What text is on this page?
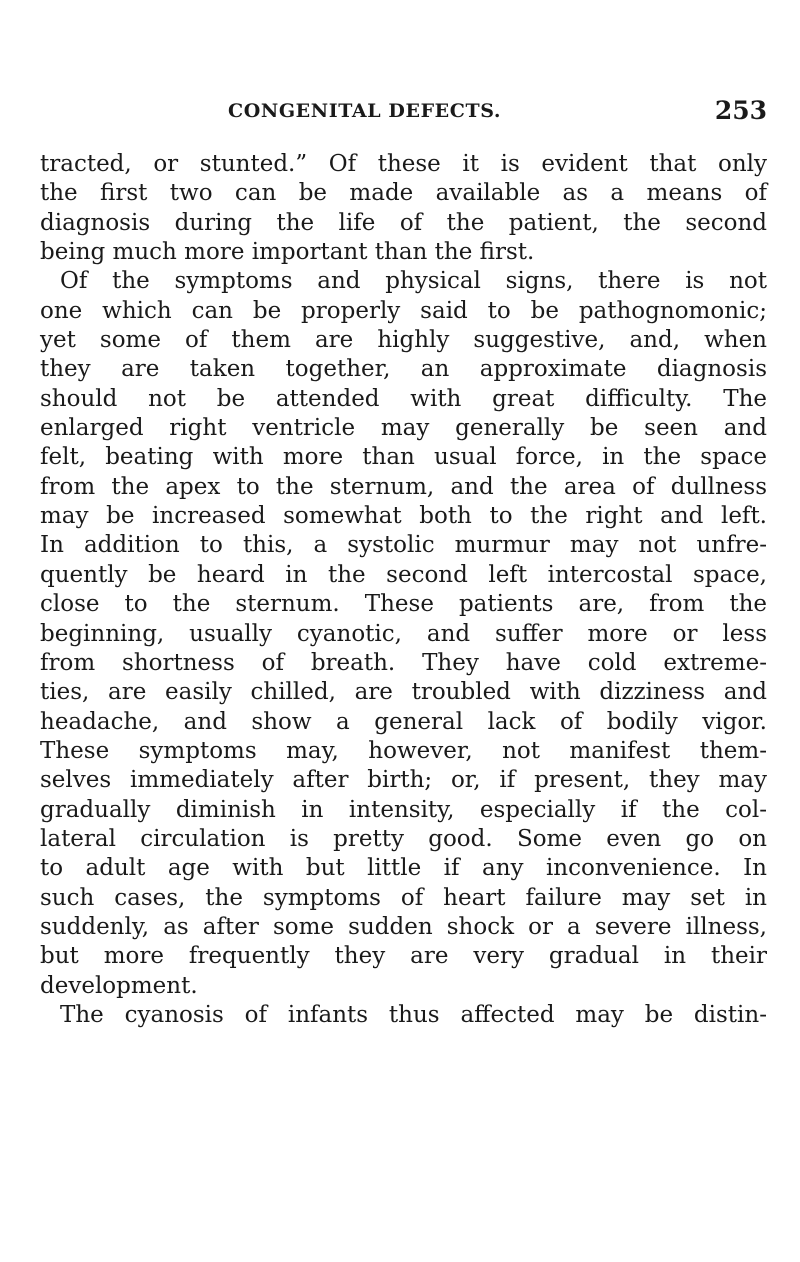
CONGENITAL DEFECTS.	253
tracted, or stunted.” Of these it is evident that only
the first two can be made available as a means of
diagnosis during the life of the patient, the second
being much more important than the first.
Of the symptoms and physical signs, there is not
one which can be properly said to be pathognomonic;
yet some of them are highly suggestive, and, when
they are taken together, an approximate diagnosis
should not be attended with great difficulty. The
enlarged right ventricle may generally be seen and
felt, beating with more than usual force, in the space
from the apex to the sternum, and the area of dullness
may be increased somewhat both to the right and left.
In addition to this, a systolic murmur may not unfre-
quently be heard in the second left intercostal space,
close to the sternum. These patients are, from the
beginning, usually cyanotic, and suffer more or less
from shortness of breath. They have cold extreme-
ties, are easily chilled, are troubled with dizziness and
headache, and show a general lack of bodily vigor.
These symptoms may, however, not manifest them-
selves immediately after birth; or, if present, they may
gradually diminish in intensity, especially if the col-
lateral circulation is pretty good. Some even go on
to adult age with but little if any inconvenience. In
such cases, the symptoms of heart failure may set in
suddenly, as after some sudden shock or a severe illness,
but more frequently they are very gradual in their
development.
The cyanosis of infants thus affected may be distin-
